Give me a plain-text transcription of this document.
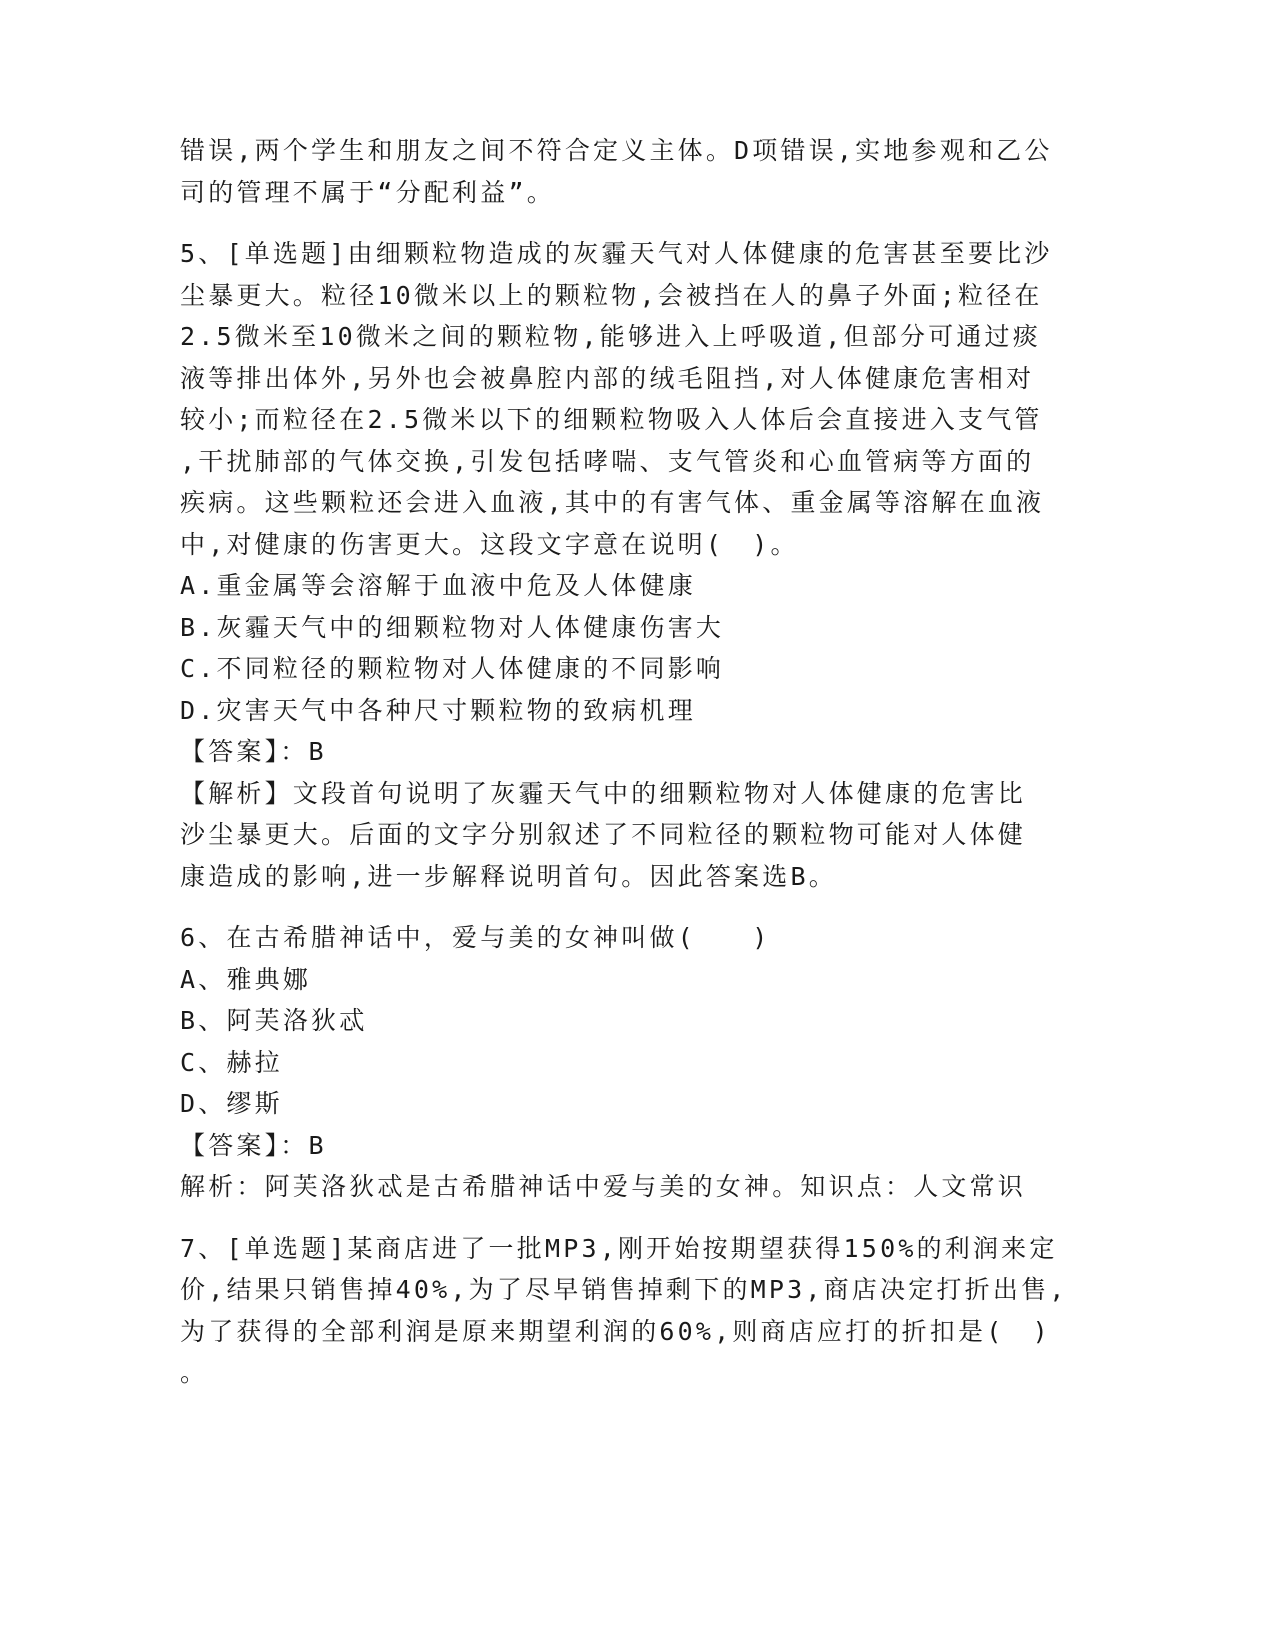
错误,两个学生和朋友之间不符合定义主体。D项错误,实地参观和乙公
司的管理不属于“分配利益”。
5、[单选题]由细颗粒物造成的灰霾天气对人体健康的危害甚至要比沙
尘暴更大。粒径10微米以上的颗粒物,会被挡在人的鼻子外面;粒径在
2.5微米至10微米之间的颗粒物,能够进入上呼吸道,但部分可通过痰
液等排出体外,另外也会被鼻腔内部的绒毛阻挡,对人体健康危害相对
较小;而粒径在2.5微米以下的细颗粒物吸入人体后会直接进入支气管
,干扰肺部的气体交换,引发包括哮喘、支气管炎和心血管病等方面的
疾病。这些颗粒还会进入血液,其中的有害气体、重金属等溶解在血液
中,对健康的伤害更大。这段文字意在说明(　)。
A.重金属等会溶解于血液中危及人体健康
B.灰霾天气中的细颗粒物对人体健康伤害大
C.不同粒径的颗粒物对人体健康的不同影响
D.灾害天气中各种尺寸颗粒物的致病机理
【答案】：B
【解析】文段首句说明了灰霾天气中的细颗粒物对人体健康的危害比
沙尘暴更大。后面的文字分别叙述了不同粒径的颗粒物可能对人体健
康造成的影响,进一步解释说明首句。因此答案选B。
6、在古希腊神话中，爱与美的女神叫做(　　)
A、雅典娜
B、阿芙洛狄忒
C、赫拉
D、缪斯
【答案】：B
解析：阿芙洛狄忒是古希腊神话中爱与美的女神。知识点：人文常识
7、[单选题]某商店进了一批MP3,刚开始按期望获得150%的利润来定
价,结果只销售掉40%,为了尽早销售掉剩下的MP3,商店决定打折出售,
为了获得的全部利润是原来期望利润的60%,则商店应打的折扣是(　)
。
